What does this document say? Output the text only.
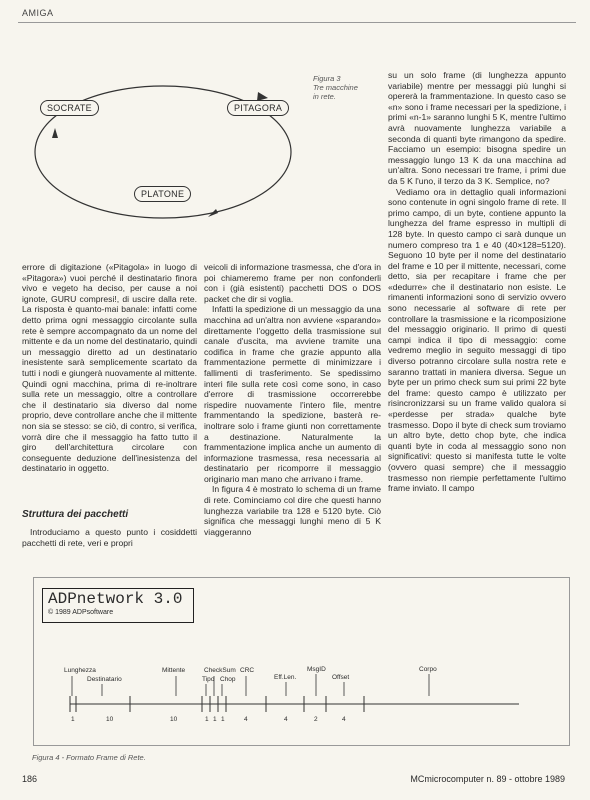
AMIGA
SOCRATE	PITAGORA
PLATONE
Figura 3
Tre macchine
in rete.

errore di digitazione («Pitagola» in luogo di «Pitagora») vuoi perché il destinatario finora vivo e vegeto ha deciso, per cause a noi ignote, GURU compresi!, di uscire dalla rete. La risposta è quanto-mai banale: infatti come detto prima ogni messaggio circolante sulla rete è sempre accompagnato da un nome del mittente e da un nome del destinatario, quindi un messaggio diretto ad un destinatario inesistente sarà semplicemente scartato da tutti i nodi e giungerà nuovamente al mittente. Quindi ogni macchina, prima di re-inoltrare sulla rete un messaggio, oltre a controllare che il destinatario sia diverso dal nome proprio, deve controllare anche che il mittente non sia se stesso: se ciò, di contro, si verifica, vorrà dire che il messaggio ha fatto tutto il giro dell'architettura circolare con conseguente deduzione dell'inesistenza del destinatario in oggetto.

Struttura dei pacchetti

Introduciamo a questo punto i cosiddetti pacchetti di rete, veri e propri

veicoli di informazione trasmessa, che d'ora in poi chiameremo frame per non confonderli con i (già esistenti) pacchetti DOS o DOS packet che dir si voglia.

Infatti la spedizione di un messaggio da una macchina ad un'altra non avviene «sparando» direttamente l'oggetto della trasmissione sul canale d'uscita, ma avviene tramite una codifica in frame che grazie appunto alla frammentazione permette di minimizzare i fallimenti di trasferimento. Se spedissimo interi file sulla rete così come sono, in caso d'errore di trasmissione occorrerebbe rispedire nuovamente l'intero file, mentre frammentando la spedizione, basterà re-inoltrare solo i frame giunti non correttamente a destinazione. Naturalmente la frammentazione implica anche un aumento di informazione trasmessa, resa necessaria al destinatario per ricomporre il messaggio originario man mano che arrivano i frame.

In figura 4 è mostrato lo schema di un frame di rete. Cominciamo col dire che questi hanno lunghezza variabile tra 128 e 5120 byte. Ciò significa che messaggi lunghi meno di 5 K viaggeranno

su un solo frame (di lunghezza appunto variabile) mentre per messaggi più lunghi si opererà la frammentazione. In questo caso se «n» sono i frame necessari per la spedizione, i primi «n-1» saranno lunghi 5 K, mentre l'ultimo avrà nuovamente lunghezza variabile a seconda di quanti byte rimangono da spedire. Facciamo un esempio: bisogna spedire un messaggio lungo 13 K da una macchina ad un'altra. Sono necessari tre frame, i primi due da 5 K l'uno, il terzo da 3 K. Semplice, no?

Vediamo ora in dettaglio quali informazioni sono contenute in ogni singolo frame di rete. Il primo campo, di un byte, contiene appunto la lunghezza del frame espresso in multipli di 128 byte. In questo campo ci sarà dunque un numero compreso tra 1 e 40 (40×128=5120). Seguono 10 byte per il nome del destinatario del frame e 10 per il mittente, necessari, come detto, sia per recapitare i frame che per «dedurre» che il destinatario non esiste. Le rimanenti informazioni sono di servizio ovvero sono necessarie al software di rete per controllare la trasmissione e la ricomposizione del messaggio originario. Il primo di questi campi indica il tipo di messaggio: come vedremo meglio in seguito messaggi di tipo diverso potranno circolare sulla nostra rete e saranno trattati in maniera diversa. Segue un byte per un primo check sum sui primi 22 byte del frame: questo campo è utilizzato per risincronizzarsi su un frame valido qualora si «perdesse per strada» qualche byte trasmesso. Dopo il byte di check sum troviamo un altro byte, detto chop byte, che indica quanti byte in coda al messaggio sono non significativi: questo si manifesta tutte le volte (ovvero quasi sempre) che il messaggio trasmesso non riempie perfettamente l'ultimo frame inviato. Il campo

ADPnetwork 3.0
© 1989 ADPsoftware
Lunghezza
Destinatario
Mittente
Tipo
CheckSum
Chop
CRC
Eff.Len.
MsgID
Offset
Corpo
1	10	10	1 1 1	4	4	2	4
Figura 4 - Formato Frame di Rete.
186	MCmicrocomputer n. 89 - ottobre 1989
